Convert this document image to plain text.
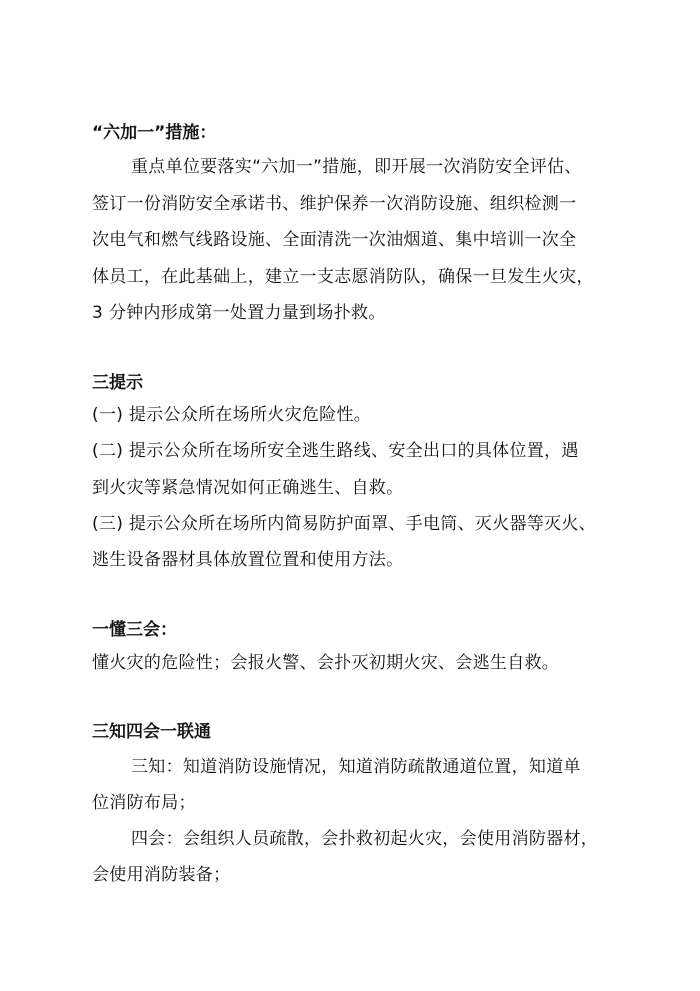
“六加一”措施：
重点单位要落实“六加一”措施，即开展一次消防安全评估、
签订一份消防安全承诺书、维护保养一次消防设施、组织检测一
次电气和燃气线路设施、全面清洗一次油烟道、集中培训一次全
体员工，在此基础上，建立一支志愿消防队，确保一旦发生火灾，
3 分钟内形成第一处置力量到场扑救。
三提示
(一) 提示公众所在场所火灾危险性。
(二) 提示公众所在场所安全逃生路线、安全出口的具体位置，遇
到火灾等紧急情况如何正确逃生、自救。
(三) 提示公众所在场所内简易防护面罩、手电筒、灭火器等灭火、
逃生设备器材具体放置位置和使用方法。
一懂三会：
懂火灾的危险性；会报火警、会扑灭初期火灾、会逃生自救。
三知四会一联通
三知：知道消防设施情况，知道消防疏散通道位置，知道单
位消防布局；
四会：会组织人员疏散，会扑救初起火灾，会使用消防器材，
会使用消防装备；
